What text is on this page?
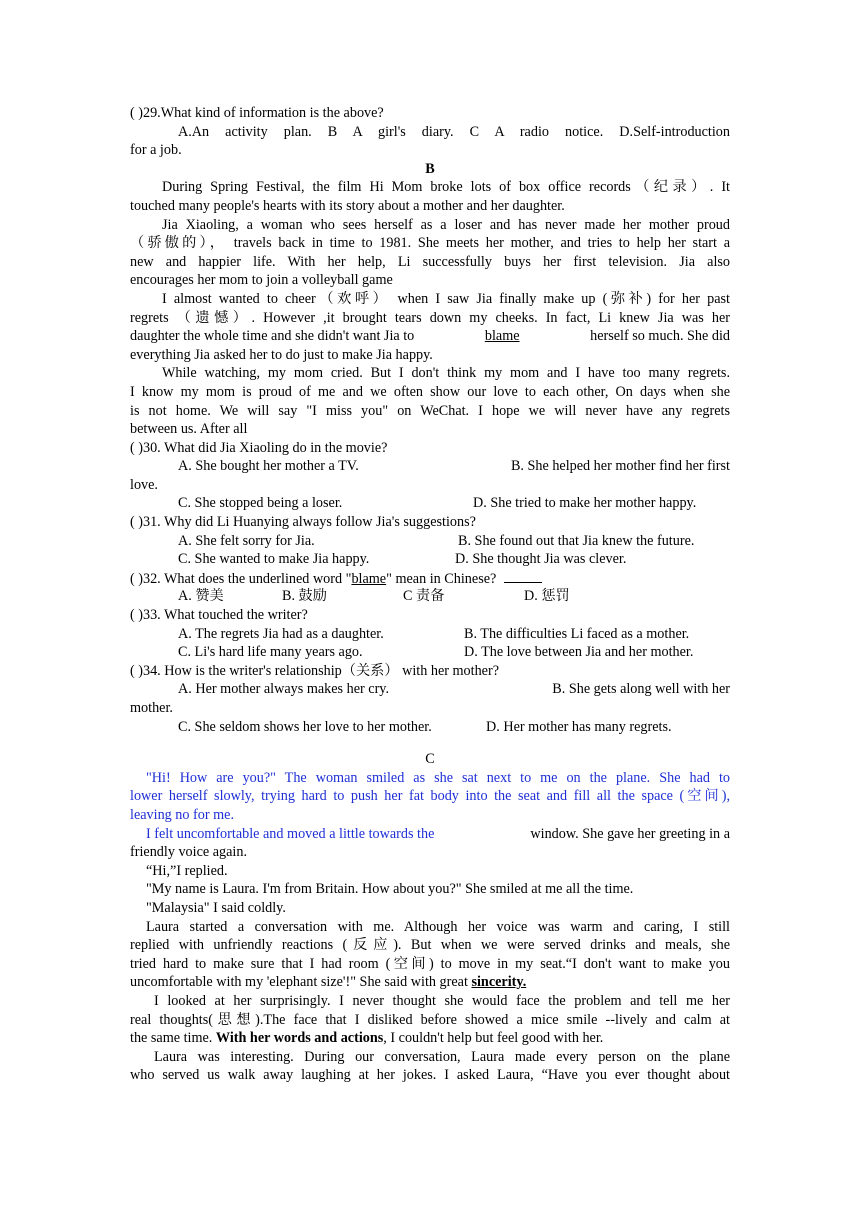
( )29.What kind of information is the above?
A.An activity plan. B A girl's diary. C A radio notice. D.Self-introduction
for a job.
B
During Spring Festival, the film Hi Mom broke lots of box office records（纪录）. It
touched many people's hearts with its story about a mother and her daughter.
Jia Xiaoling, a woman who sees herself as a loser and has never made her mother proud
（骄傲的）， travels back in time to 1981. She meets her mother, and tries to help her start a
new and happier life. With her help, Li successfully buys her first television. Jia also
encourages her mom to join a volleyball game
I almost wanted to cheer（欢呼） when I saw Jia finally make up (弥补) for her past
regrets （遗憾）. However ,it brought tears down my cheeks. In fact, Li knew Jia was her
daughter the whole time and she didn't want Jia to	blame	herself so much. She did
everything Jia asked her to do just to make Jia happy.
While watching, my mom cried. But I don't think my mom and I have too many regrets.
I know my mom is proud of me and we often show our love to each other, On days when she
is not home. We will say "I miss you" on WeChat. I hope we will never have any regrets
between us. After all
( )30. What did Jia Xiaoling do in the movie?
A. She bought her mother a TV.	B. She helped her mother find her first
love.
C. She stopped being a loser.	D. She tried to make her mother happy.
( )31. Why did Li Huanying always follow Jia's suggestions?
A. She felt sorry for Jia.	B. She found out that Jia knew the future.
C. She wanted to make Jia happy.	D. She thought Jia was clever.
( )32. What does the underlined word "blame" mean in Chinese?
A. 赞美	B. 鼓励	C 责备	D. 惩罚
( )33. What touched the writer?
A. The regrets Jia had as a daughter.	B. The difficulties Li faced as a mother.
C. Li's hard life many years ago.	D. The love between Jia and her mother.
( )34. How is the writer's relationship（关系） with her mother?
A. Her mother always makes her cry.	B. She gets along well with her
mother.
C. She seldom shows her love to her mother.	D. Her mother has many regrets.
C
"Hi! How are you?" The woman smiled as she sat next to me on the plane. She had to
lower herself slowly, trying hard to push her fat body into the seat and fill all the space (空间),
leaving no for me.
I felt uncomfortable and moved a little towards the	window. She gave her greeting in a
friendly voice again.
“Hi,”I replied.
"My name is Laura. I'm from Britain. How about you?" She smiled at me all the time.
"Malaysia" I said coldly.
Laura started a conversation with me. Although her voice was warm and caring, I still
replied with unfriendly reactions (反应). But when we were served drinks and meals, she
tried hard to make sure that I had room (空间) to move in my seat.“I don't want to make you
uncomfortable with my 'elephant size'!" She said with great sincerity.
I looked at her surprisingly. I never thought she would face the problem and tell me her
real thoughts(思想).The face that I disliked before showed a mice smile --lively and calm at
the same time. With her words and actions, I couldn't help but feel good with her.
Laura was interesting. During our conversation, Laura made every person on the plane
who served us walk away laughing at her jokes. I asked Laura, “Have you ever thought about
